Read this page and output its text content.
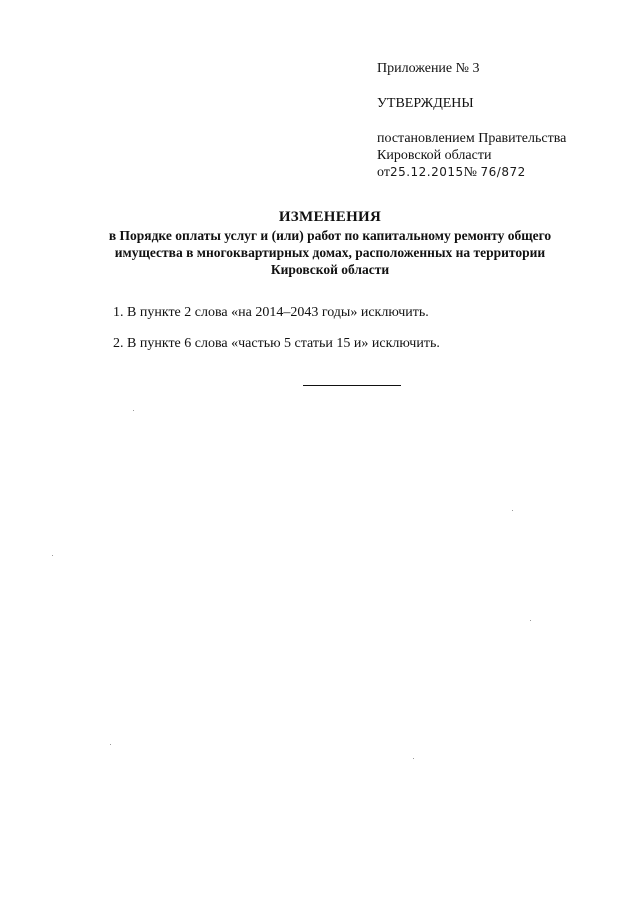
Приложение № 3
УТВЕРЖДЕНЫ
постановлением Правительства
Кировской области
от25.12.2015№ 76/872
ИЗМЕНЕНИЯ
в Порядке оплаты услуг и (или) работ по капитальному ремонту общего
имущества в многоквартирных домах, расположенных на территории
Кировской области
1. В пункте 2 слова «на 2014–2043 годы» исключить.
2. В пункте 6 слова «частью 5 статьи 15 и» исключить.
